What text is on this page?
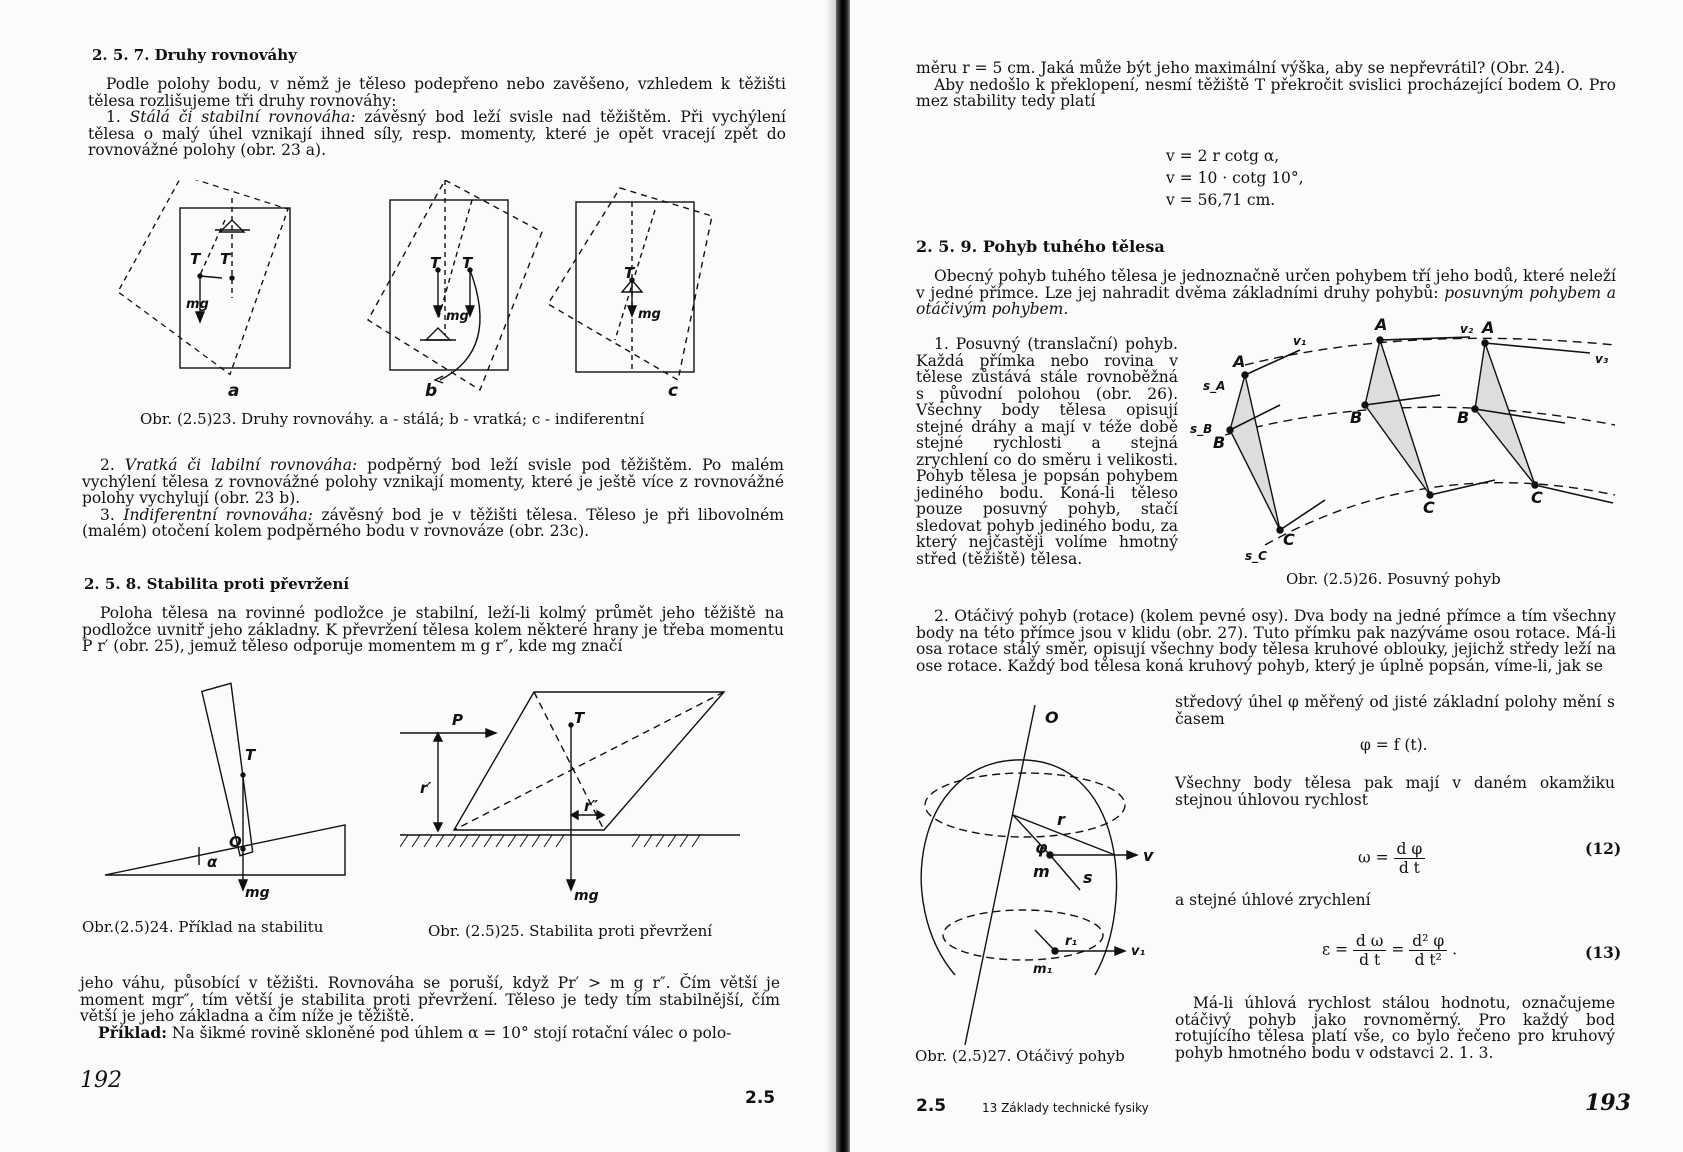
2. 5. 7. Druhy rovnováhy

Podle polohy bodu, v němž je těleso podepřeno nebo zavěšeno, vzhledem k těžišti tělesa rozlišujeme tři druhy rovnováhy:

1. Stálá či stabilní rovnováha: závěsný bod leží svisle nad těžištěm. Při vychýlení tělesa o malý úhel vznikají ihned síly, resp. momenty, které je opět vracejí zpět do rovnovážné polohy (obr. 23 a).

T T
mg
T T
mg
T
mg
a	b	c
Obr. (2.5)23. Druhy rovnováhy. a - stálá; b - vratká; c - indiferentní

2. Vratká či labilní rovnováha: podpěrný bod leží svisle pod těžištěm. Po malém vychýlení tělesa z rovnovážné polohy vznikají momenty, které je ještě více z rovnovážné polohy vychylují (obr. 23 b).

3. Indiferentní rovnováha: závěsný bod je v těžišti tělesa. Těleso je při libovolném (malém) otočení kolem podpěrného bodu v rovnováze (obr. 23c).

2. 5. 8. Stabilita proti převržení

Poloha tělesa na rovinné podložce je stabilní, leží-li kolmý průmět jeho těžiště na podložce uvnitř jeho základny. K převržení tělesa kolem některé hrany je třeba momentu P r′ (obr. 25), jemuž těleso odporuje momentem m g r″, kde mg značí

T
O
α
mg
P	T
r′
r″
mg
Obr.(2.5)24. Příklad na stabilitu	Obr. (2.5)25. Stabilita proti převržení

jeho váhu, působící v těžišti. Rovnováha se poruší, když Pr′ > m g r″. Čím větší je moment mgr″, tím větší je stabilita proti převržení. Těleso je tedy tím stabilnější, čím větší je jeho základna a čím níže je těžiště.

Příklad: Na šikmé rovině skloněné pod úhlem α = 10° stojí rotační válec o polo-

192
2.5

měru r = 5 cm. Jaká může být jeho maximální výška, aby se nepřevrátil? (Obr. 24).

Aby nedošlo k překlopení, nesmí těžiště T překročit svislici procházející bodem O. Pro mez stability tedy platí

v = 2 r cotg α,
v = 10 · cotg 10°,
v = 56,71 cm.
2. 5. 9. Pohyb tuhého tělesa

Obecný pohyb tuhého tělesa je jednoznačně určen pohybem tří jeho bodů, které neleží v jedné přímce. Lze jej nahradit dvěma základními druhy pohybů: posuvným pohybem a otáčivým pohybem.

1. Posuvný (translační) pohyb. Každá přímka nebo rovina v tělese zůstává stále rovnoběžná s původní polohou (obr. 26). Všechny body tělesa opisují stejné dráhy a mají v téže době stejné rychlosti a stejná zrychlení co do směru i velikosti. Pohyb tělesa je popsán pohybem jediného bodu. Koná-li těleso pouze posuvný pohyb, stačí sledovat pohyb jediného bodu, za který nejčastěji volíme hmotný střed (těžiště) tělesa.

A
B
C
A
B
C
A
B
C
v₁
v₂
v₃
s_A
s_B
s_C
Obr. (2.5)26. Posuvný pohyb

2. Otáčivý pohyb (rotace) (kolem pevné osy). Dva body na jedné přímce a tím všechny body na této přímce jsou v klidu (obr. 27). Tuto přímku pak nazýváme osou rotace. Má-li osa rotace stálý směr, opisují všechny body tělesa kruhové oblouky, jejichž středy leží na ose rotace. Každý bod tělesa koná kruhový pohyb, který je úplně popsán, víme-li, jak se

středový úhel φ měřený od jisté základní polohy mění s časem

φ = f (t).
O
r
φ
m s
v
r₁
m₁
v₁
Obr. (2.5)27. Otáčivý pohyb

Všechny body tělesa pak mají v daném okamžiku stejnou úhlovou rychlost

$\omega = \frac{\text{d φ}}{\text{d t}}$	(12)

a stejné úhlové zrychlení

$\varepsilon = \frac{\text{d ω}}{\text{d t}} = \frac{\text{d² φ}}{\text{d t²}}$ .	(13)

Má-li úhlová rychlost stálou hodnotu, označujeme otáčivý pohyb jako rovnoměrný. Pro každý bod rotujícího tělesa platí vše, co bylo řečeno pro kruhový pohyb hmotného bodu v odstavci 2. 1. 3.

2.5	13 Základy technické fysiky	193
